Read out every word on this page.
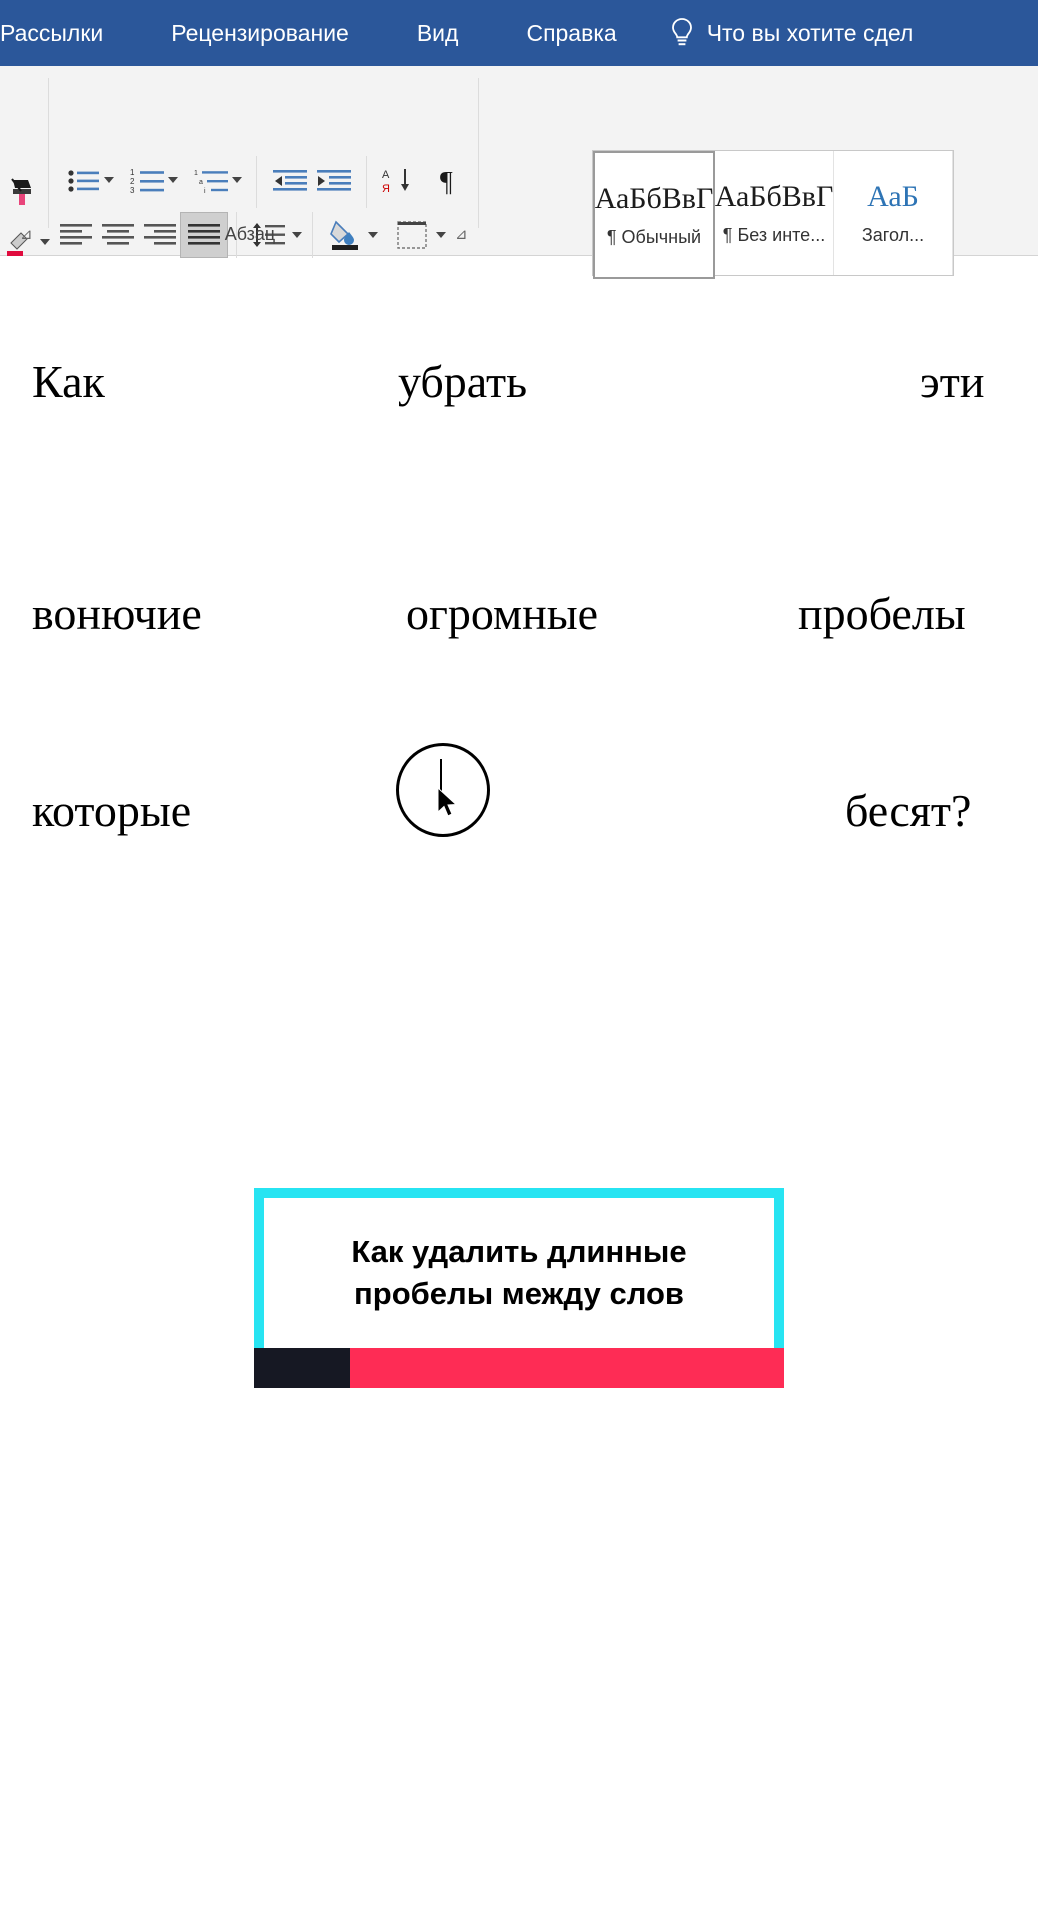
Рассылки	Рецензирование	Вид	Справка	Что вы хотите сдел
⊿
1
2
3
1
a
i
А
Я ¶
Абзац	⊿
АаБбВвГ
¶ Обычный
АаБбВвГ
¶ Без инте...
АаБ
Загол...
Как	убрать	эти
вонючие	огромные	пробелы
которые	бесят?
Как удалить длинные
пробелы между слов
